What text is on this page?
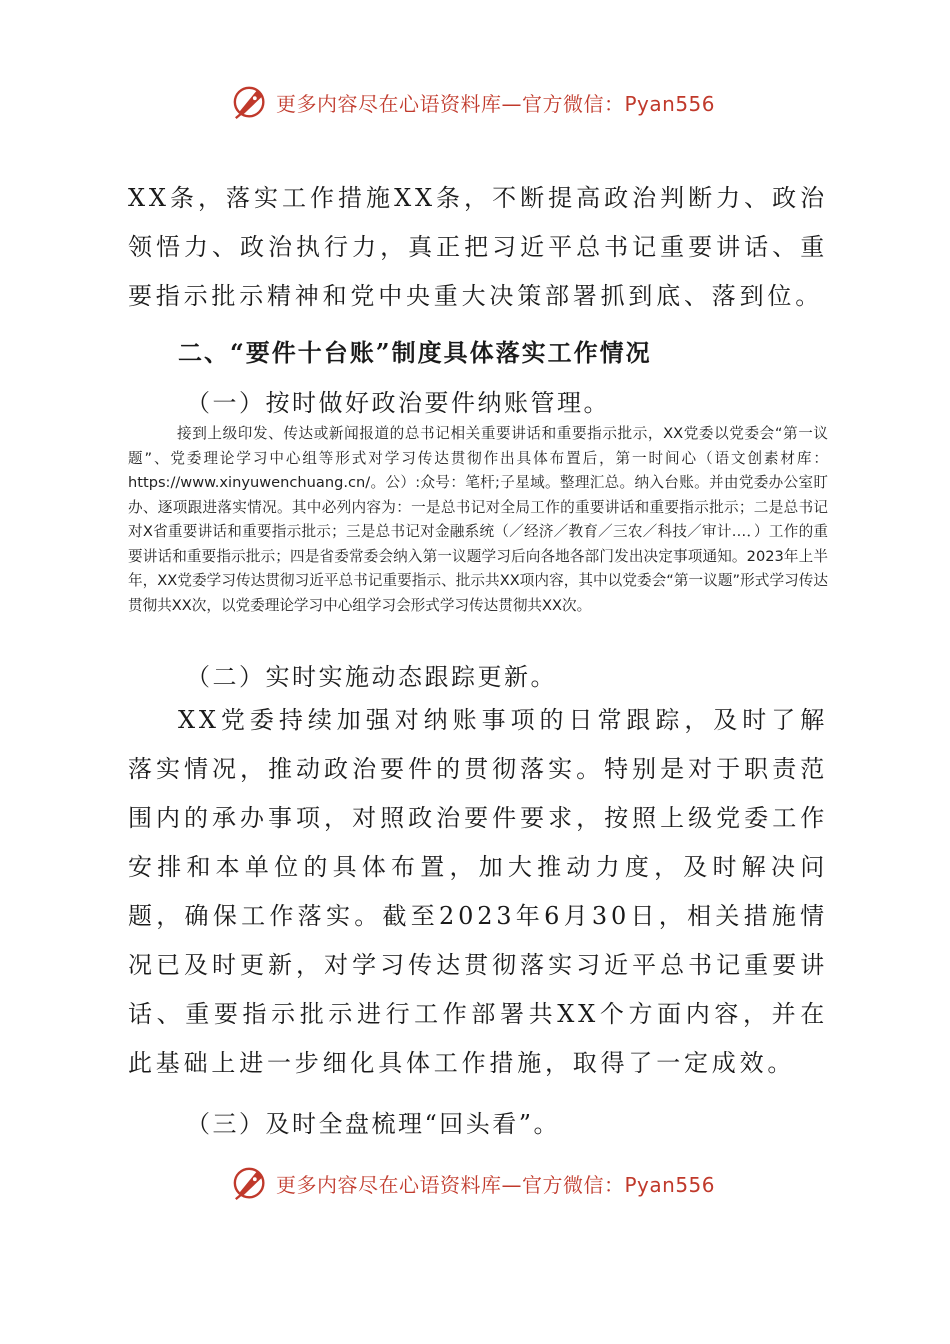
更多内容尽在心语资料库—官方微信：Pyan556

XX条，落实工作措施XX条，不断提高政治判断力、政治领悟力、政治执行力，真正把习近平总书记重要讲话、重要指示批示精神和党中央重大决策部署抓到底、落到位。

二、“要件十台账”制度具体落实工作情况

（一）按时做好政治要件纳账管理。

接到上级印发、传达或新闻报道的总书记相关重要讲话和重要指示批示，XX党委以党委会“第一议题”、党委理论学习中心组等形式对学习传达贯彻作出具体布置后，第一时间心（语文创素材库：https://www.xinyuwenchuang.cn/。公）:众号：笔杆;子星域。整理汇总。纳入台账。并由党委办公室盯办、逐项跟进落实情况。其中必列内容为：一是总书记对全局工作的重要讲话和重要指示批示；二是总书记对X省重要讲话和重要指示批示；三是总书记对金融系统（／经济／教育／三农／科技／审计…．）工作的重要讲话和重要指示批示；四是省委常委会纳入第一议题学习后向各地各部门发出决定事项通知。2023年上半年，XX党委学习传达贯彻习近平总书记重要指示、批示共XX项内容，其中以党委会“第一议题”形式学习传达贯彻共XX次，以党委理论学习中心组学习会形式学习传达贯彻共XX次。

（二）实时实施动态跟踪更新。

XX党委持续加强对纳账事项的日常跟踪，及时了解落实情况，推动政治要件的贯彻落实。特别是对于职责范围内的承办事项，对照政治要件要求，按照上级党委工作安排和本单位的具体布置，加大推动力度，及时解决问题，确保工作落实。截至2023年6月30日，相关措施情况已及时更新，对学习传达贯彻落实习近平总书记重要讲话、重要指示批示进行工作部署共XX个方面内容，并在此基础上进一步细化具体工作措施，取得了一定成效。

（三）及时全盘梳理“回头看”。

更多内容尽在心语资料库—官方微信：Pyan556
